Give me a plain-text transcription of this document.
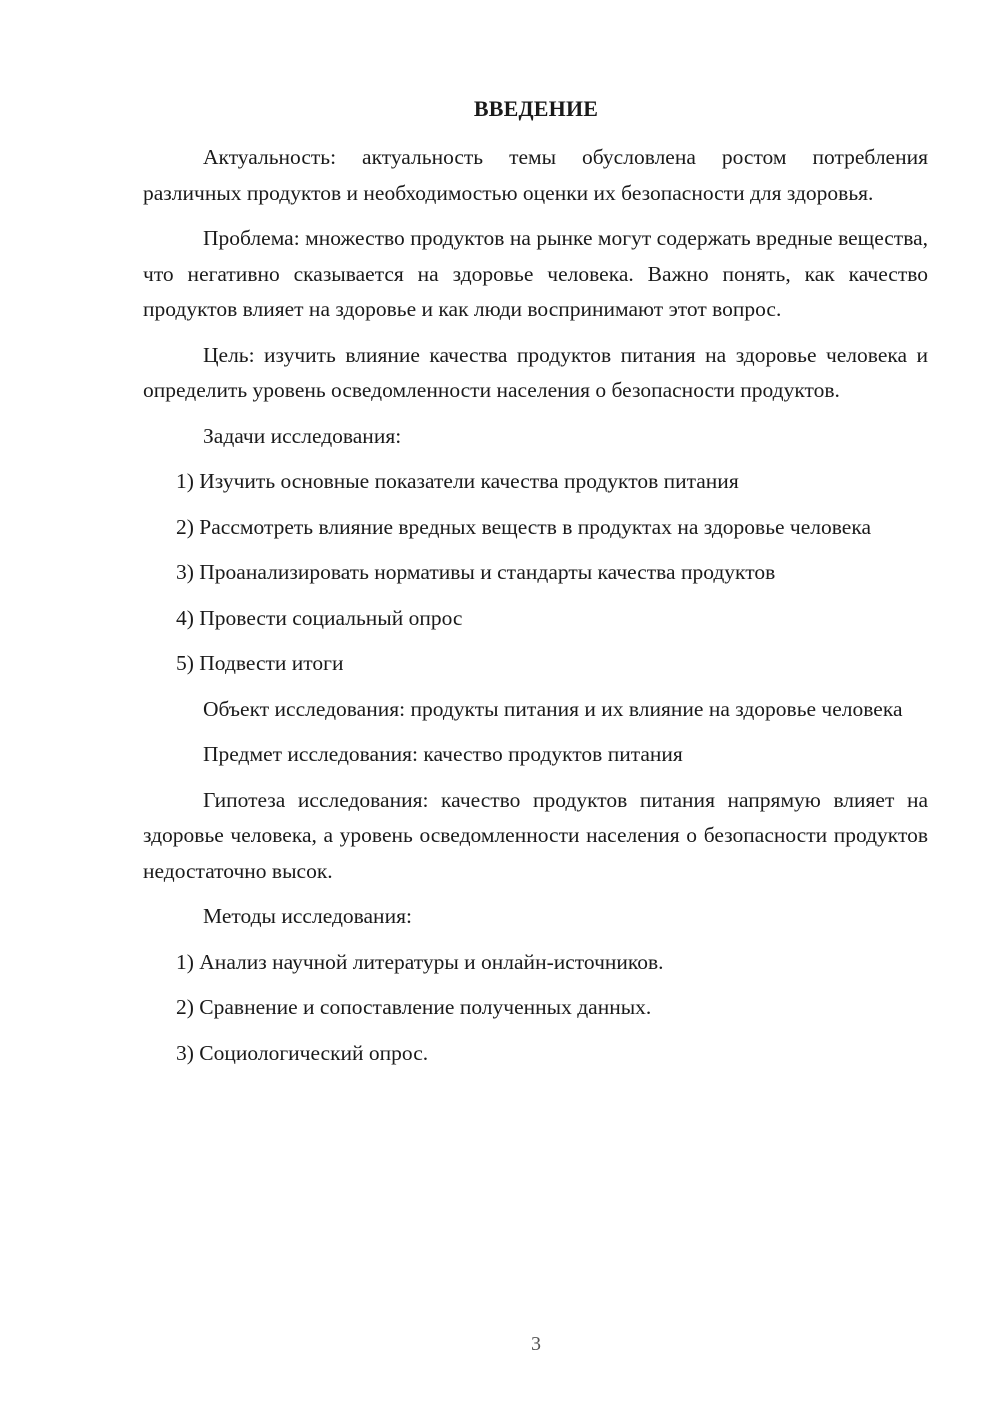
ВВЕДЕНИЕ

Актуальность: актуальность темы обусловлена ростом потребления различных продуктов и необходимостью оценки их безопасности для здоровья.

Проблема: множество продуктов на рынке могут содержать вредные вещества, что негативно сказывается на здоровье человека. Важно понять, как качество продуктов влияет на здоровье и как люди воспринимают этот вопрос.

Цель: изучить влияние качества продуктов питания на здоровье человека и определить уровень осведомленности населения о безопасности продуктов.

Задачи исследования:

1) Изучить основные показатели качества продуктов питания

2) Рассмотреть влияние вредных веществ в продуктах на здоровье человека

3) Проанализировать нормативы и стандарты качества продуктов

4) Провести социальный опрос

5) Подвести итоги

Объект исследования: продукты питания и их влияние на здоровье человека

Предмет исследования: качество продуктов питания

Гипотеза исследования: качество продуктов питания напрямую влияет на здоровье человека, а уровень осведомленности населения о безопасности продуктов недостаточно высок.

Методы исследования:

1) Анализ научной литературы и онлайн-источников.

2) Сравнение и сопоставление полученных данных.

3) Социологический опрос.

3
